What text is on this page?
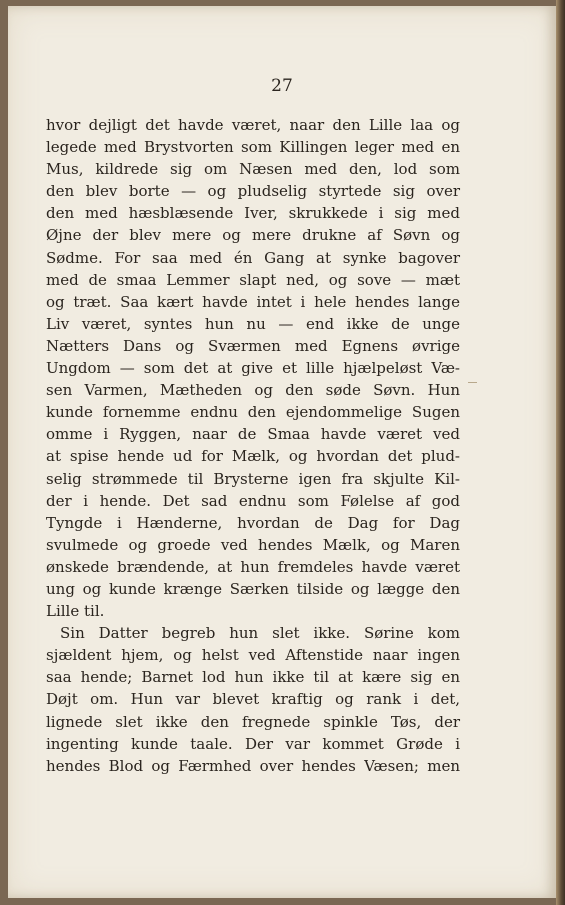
27
hvor dejligt det havde været, naar den Lille laa og
legede med Brystvorten som Killingen leger med en
Mus, kildrede sig om Næsen med den, lod som
den blev borte — og pludselig styrtede sig over
den med hæsblæsende Iver, skrukkede i sig med
Øjne der blev mere og mere drukne af Søvn og
Sødme. For saa med én Gang at synke bagover
med de smaa Lemmer slapt ned, og sove — mæt
og træt. Saa kært havde intet i hele hendes lange
Liv været, syntes hun nu — end ikke de unge
Nætters Dans og Sværmen med Egnens øvrige
Ungdom — som det at give et lille hjælpeløst Væ-
sen Varmen, Mætheden og den søde Søvn. Hun
kunde fornemme endnu den ejendommelige Sugen
omme i Ryggen, naar de Smaa havde været ved
at spise hende ud for Mælk, og hvordan det plud-
selig strømmede til Brysterne igen fra skjulte Kil-
der i hende. Det sad endnu som Følelse af god
Tyngde i Hænderne, hvordan de Dag for Dag
svulmede og groede ved hendes Mælk, og Maren
ønskede brændende, at hun fremdeles havde været
ung og kunde krænge Særken tilside og lægge den
Lille til.
Sin Datter begreb hun slet ikke. Sørine kom
sjældent hjem, og helst ved Aftenstide naar ingen
saa hende; Barnet lod hun ikke til at kære sig en
Døjt om. Hun var blevet kraftig og rank i det,
lignede slet ikke den fregnede spinkle Tøs, der
ingenting kunde taale. Der var kommet Grøde i
hendes Blod og Færmhed over hendes Væsen; men
